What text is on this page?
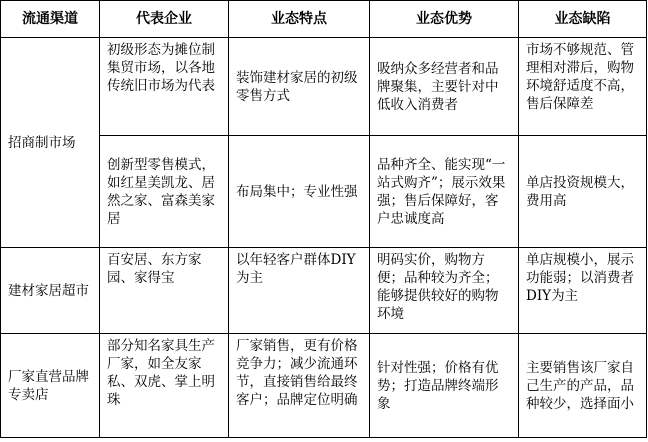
流通渠道	代表企业	业态特点	业态优势	业态缺陷
招商制市场	初级形态为摊位制集贸市场，以各地传统旧市场为代表	装饰建材家居的初级零售方式	吸纳众多经营者和品牌聚集，主要针对中低收入消费者	市场不够规范、管理相对滞后，购物环境舒适度不高，售后保障差
	创新型零售模式，如红星美凯龙、居然之家、富森美家居	布局集中；专业性强	品种齐全、能实现“一站式购齐”；展示效果强；售后保障好，客户忠诚度高	单店投资规模大，费用高
建材家居超市	百安居、东方家园、家得宝	以年轻客户群体DIY为主	明码实价，购物方便；品种较为齐全；能够提供较好的购物环境	单店规模小，展示功能弱；以消费者DIY为主
厂家直营品牌专卖店	部分知名家具生产厂家，如全友家私、双虎、掌上明珠	厂家销售，更有价格竞争力；减少流通环节，直接销售给最终客户；品牌定位明确	针对性强；价格有优势；打造品牌终端形象	主要销售该厂家自己生产的产品，品种较少，选择面小
